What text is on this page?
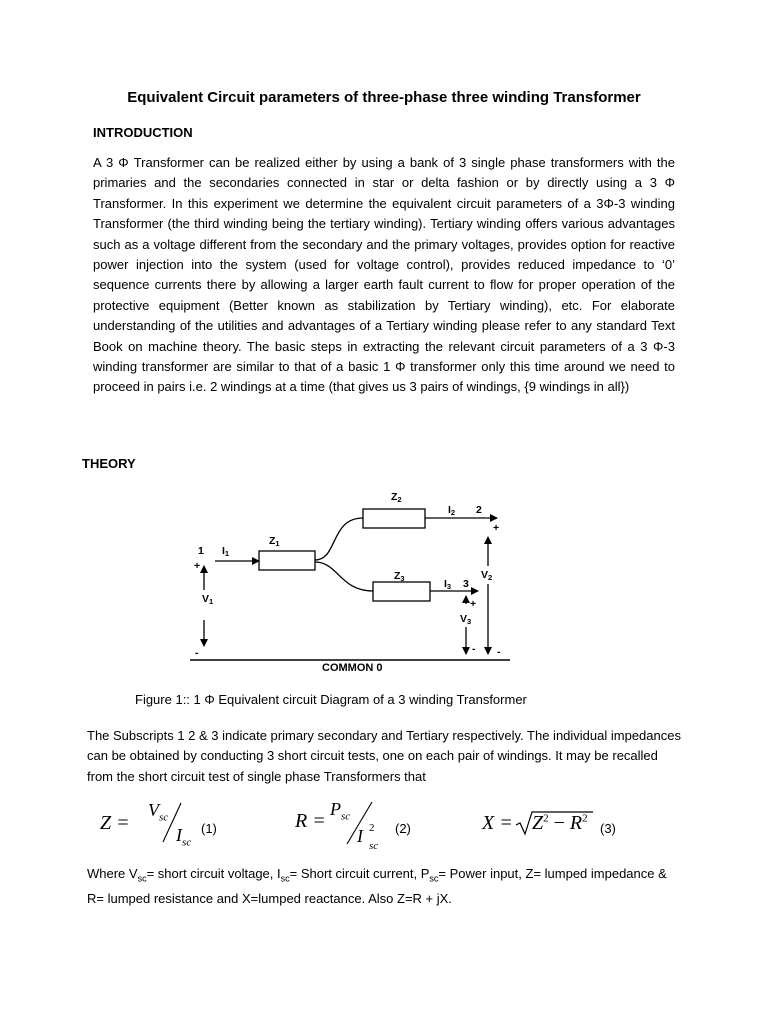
Equivalent Circuit parameters of three-phase three winding Transformer
INTRODUCTION
A 3 Φ Transformer can be realized either by using a bank of 3 single phase transformers with the primaries and the secondaries connected in star or delta fashion or by directly using a 3 Φ Transformer. In this experiment we determine the equivalent circuit parameters of a 3Φ-3 winding Transformer (the third winding being the tertiary winding). Tertiary winding offers various advantages such as a voltage different from the secondary and the primary voltages, provides option for reactive power injection into the system (used for voltage control), provides reduced impedance to ‘0’ sequence currents there by allowing a larger earth fault current to flow for proper operation of the protective equipment (Better known as stabilization by Tertiary winding), etc. For elaborate understanding of the utilities and advantages of a Tertiary winding please refer to any standard Text Book on machine theory. The basic steps in extracting the relevant circuit parameters of a 3 Φ-3 winding transformer are similar to that of a basic 1 Φ transformer only this time around we need to proceed in pairs i.e. 2 windings at a time (that gives us 3 pairs of windings, {9 windings in all})
THEORY
1 I1
Z1
Z2
I2 2
Z3	I3 3
V1
V2
V3
+
+
+
-	-
-
COMMON 0
Figure 1:: 1 Φ Equivalent circuit Diagram of a 3 winding Transformer
The Subscripts 1 2 & 3 indicate primary secondary and Tertiary respectively. The individual impedances can be obtained by conducting 3 short circuit tests, one on each pair of windings. It may be recalled from the short circuit test of single phase Transformers that
Z =
$V_{sc}$
$I_{sc}$
(1)	R =
$P_{sc}$
I 2
sc
(2)	$X = Z^2 - R^2$
(3)
Where $V_{sc}=$ short circuit voltage, $I_{sc}=$ Short circuit current, $P_{sc}=$ Power input, Z= lumped impedance & R= lumped resistance and X=lumped reactance. Also Z=R + jX.
